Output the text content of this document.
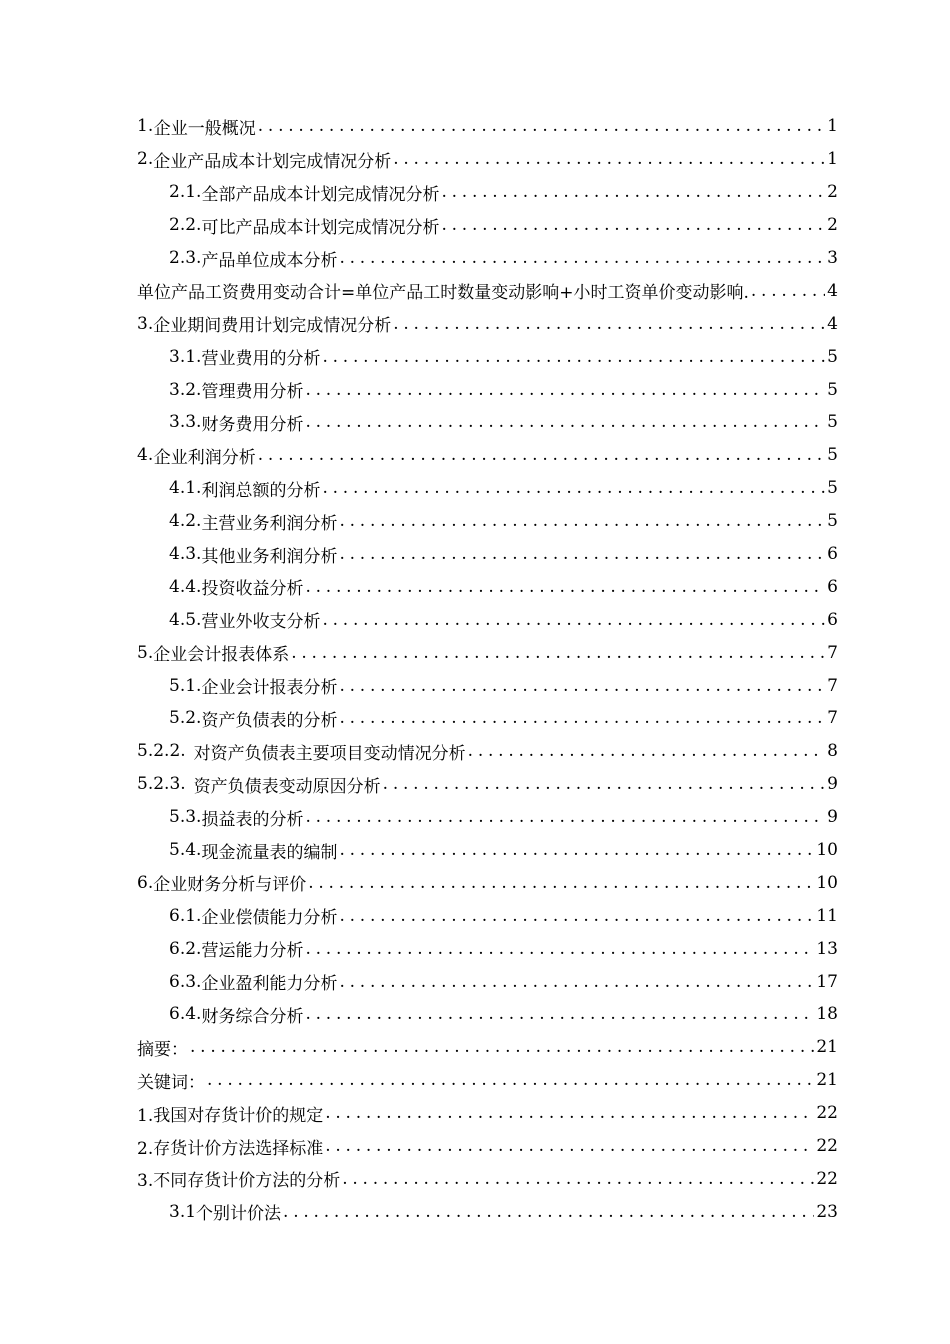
1. 企业一般概况 .....	1
2. 企业产品成本计划完成情况分析 .....	1
2.1. 全部产品成本计划完成情况分析 .....	2
2.2. 可比产品成本计划完成情况分析 .....	2
2.3. 产品单位成本分析 .....	3
单位产品工资费用变动合计=单位产品工时数量变动影响+小时工资单价变动影响. .....	4
3. 企业期间费用计划完成情况分析 .....	4
3.1. 营业费用的分析 .....	5
3.2. 管理费用分析 .....	5
3.3. 财务费用分析 .....	5
4. 企业利润分析 .....	5
4.1. 利润总额的分析 .....	5
4.2. 主营业务利润分析 .....	5
4.3. 其他业务利润分析 .....	6
4.4. 投资收益分析 .....	6
4.5. 营业外收支分析 .....	6
5. 企业会计报表体系 .....	7
5.1. 企业会计报表分析 .....	7
5.2. 资产负债表的分析 .....	7
5.2.2. 对资产负债表主要项目变动情况分析 .....	8
5.2.3. 资产负债表变动原因分析 .....	9
5.3. 损益表的分析 .....	9
5.4. 现金流量表的编制 .....	10
6. 企业财务分析与评价 .....	10
6.1. 企业偿债能力分析 .....	11
6.2. 营运能力分析 .....	13
6.3. 企业盈利能力分析 .....	17
6.4. 财务综合分析 .....	18
摘要： .....	21
关键词： .....	21
1.我国对存货计价的规定 .....	22
2.存货计价方法选择标准 .....	22
3.不同存货计价方法的分析 .....	22
3.1 个别计价法 .....	23
